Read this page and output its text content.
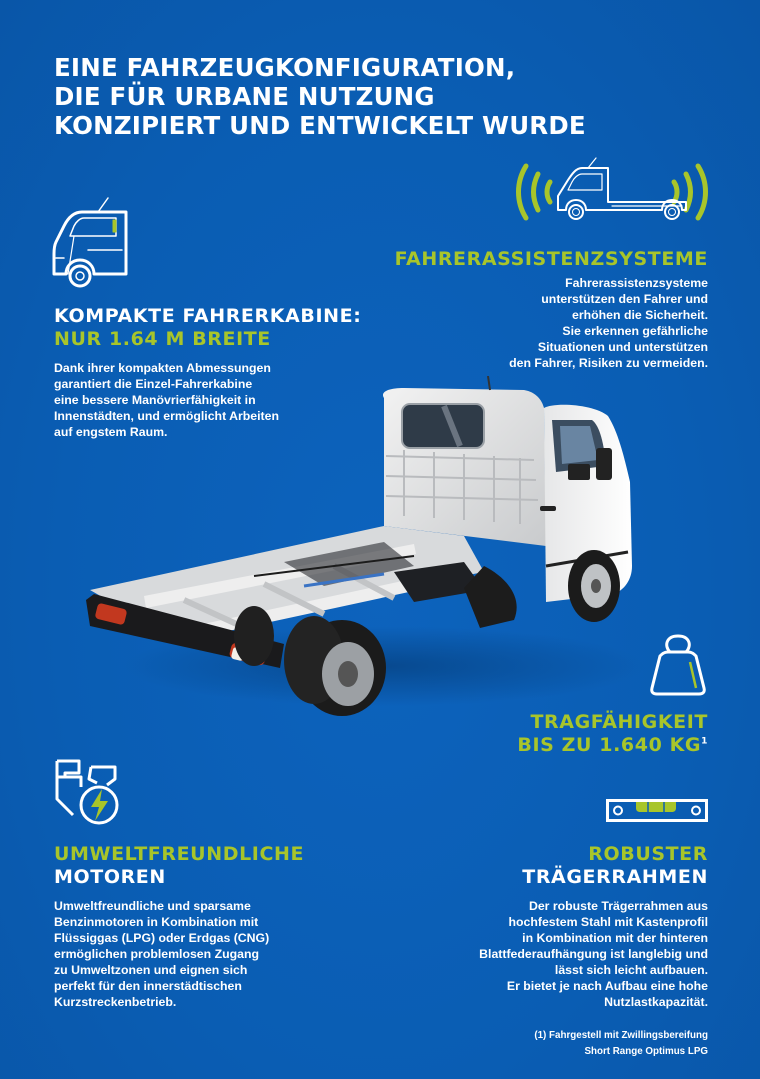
EINE FAHRZEUGKONFIGURATION,
DIE FÜR URBANE NUTZUNG
KONZIPIERT UND ENTWICKELT WURDE
KOMPAKTE FAHRERKABINE:
NUR 1.64 M BREITE

Dank ihrer kompakten Abmessungen
garantiert die Einzel-Fahrerkabine
eine bessere Manövrierfähigkeit in
Innenstädten, und ermöglicht Arbeiten
auf engstem Raum.

FAHRERASSISTENZSYSTEME

Fahrerassistenzsysteme
unterstützen den Fahrer und
erhöhen die Sicherheit.
Sie erkennen gefährliche
Situationen und unterstützen
den Fahrer, Risiken zu vermeiden.

TRAGFÄHIGKEIT
BIS ZU 1.640 KG$^1$
UMWELTFREUNDLICHE
MOTOREN

Umweltfreundliche und sparsame
Benzinmotoren in Kombination mit
Flüssiggas (LPG) oder Erdgas (CNG)
ermöglichen problemlosen Zugang
zu Umweltzonen und eignen sich
perfekt für den innerstädtischen
Kurzstreckenbetrieb.

ROBUSTER
TRÄGERRAHMEN

Der robuste Trägerrahmen aus
hochfestem Stahl mit Kastenprofil
in Kombination mit der hinteren
Blattfederaufhängung ist langlebig und
lässt sich leicht aufbauen.
Er bietet je nach Aufbau eine hohe
Nutzlastkapazität.

(1) Fahrgestell mit Zwillingsbereifung
Short Range Optimus LPG
